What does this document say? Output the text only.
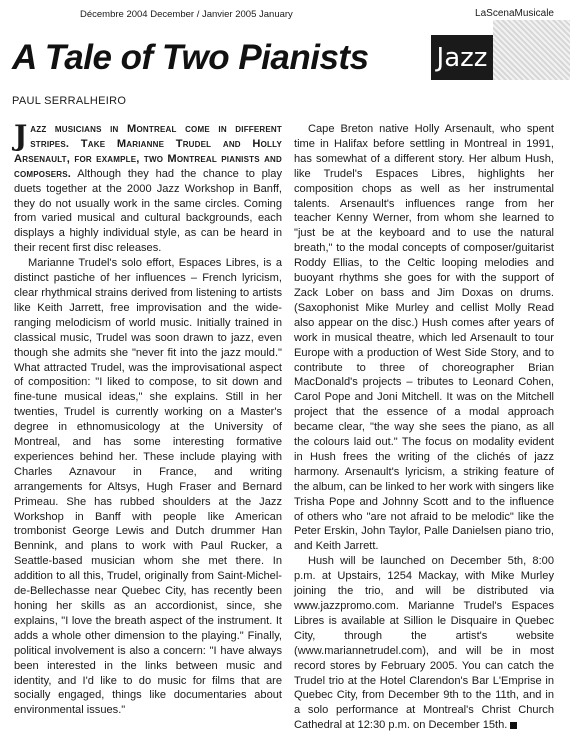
Décembre 2004 December / Janvier 2005 January	LaScenaMusicale
A Tale of Two Pianists	Jazz
PAUL SERRALHEIRO

Jazz musicians in Montreal come in different stripes. Take Marianne Trudel and Holly Arsenault, for example, two Montreal pianists and composers. Although they had the chance to play duets together at the 2000 Jazz Workshop in Banff, they do not usually work in the same circles. Coming from varied musical and cultural backgrounds, each displays a highly individual style, as can be heard in their recent first disc releases.

Marianne Trudel's solo effort, Espaces Libres, is a distinct pastiche of her influences – French lyricism, clear rhythmical strains derived from listening to artists like Keith Jarrett, free improvisation and the wide-ranging melodicism of world music. Initially trained in classical music, Trudel was soon drawn to jazz, even though she admits she "never fit into the jazz mould." What attracted Trudel, was the improvisational aspect of composition: "I liked to compose, to sit down and fine-tune musical ideas," she explains. Still in her twenties, Trudel is currently working on a Master's degree in ethnomusicology at the University of Montreal, and has some interesting formative experiences behind her. These include playing with Charles Aznavour in France, and writing arrangements for Altsys, Hugh Fraser and Bernard Primeau. She has rubbed shoulders at the Jazz Workshop in Banff with people like American trombonist George Lewis and Dutch drummer Han Bennink, and plans to work with Paul Rucker, a Seattle-based musician whom she met there. In addition to all this, Trudel, originally from Saint-Michel-de-Bellechasse near Quebec City, has recently been honing her skills as an accordionist, since, she explains, "I love the breath aspect of the instrument. It adds a whole other dimension to the playing." Finally, political involvement is also a concern: "I have always been interested in the links between music and identity, and I'd like to do music for films that are socially engaged, things like documentaries about environmental issues."

Cape Breton native Holly Arsenault, who spent time in Halifax before settling in Montreal in 1991, has somewhat of a different story. Her album Hush, like Trudel's Espaces Libres, highlights her composition chops as well as her instrumental talents. Arsenault's influences range from her teacher Kenny Werner, from whom she learned to "just be at the keyboard and to use the natural breath," to the modal concepts of composer/guitarist Roddy Ellias, to the Celtic looping melodies and buoyant rhythms she goes for with the support of Zack Lober on bass and Jim Doxas on drums. (Saxophonist Mike Murley and cellist Molly Read also appear on the disc.) Hush comes after years of work in musical theatre, which led Arsenault to tour Europe with a production of West Side Story, and to contribute to three of choreographer Brian MacDonald's projects – tributes to Leonard Cohen, Carol Pope and Joni Mitchell. It was on the Mitchell project that the essence of a modal approach became clear, "the way she sees the piano, as all the colours laid out." The focus on modality evident in Hush frees the writing of the clichés of jazz harmony. Arsenault's lyricism, a striking feature of the album, can be linked to her work with singers like Trisha Pope and Johnny Scott and to the influence of others who "are not afraid to be melodic" like the Peter Erskin, John Taylor, Palle Danielsen piano trio, and Keith Jarrett.

Hush will be launched on December 5th, 8:00 p.m. at Upstairs, 1254 Mackay, with Mike Murley joining the trio, and will be distributed via www.jazzpromo.com. Marianne Trudel's Espaces Libres is available at Sillion le Disquaire in Quebec City, through the artist's website (www.mariannetrudel.com), and will be in most record stores by February 2005. You can catch the Trudel trio at the Hotel Clarendon's Bar L'Emprise in Quebec City, from December 9th to the 11th, and in a solo performance at Montreal's Christ Church Cathedral at 12:30 p.m. on December 15th.
